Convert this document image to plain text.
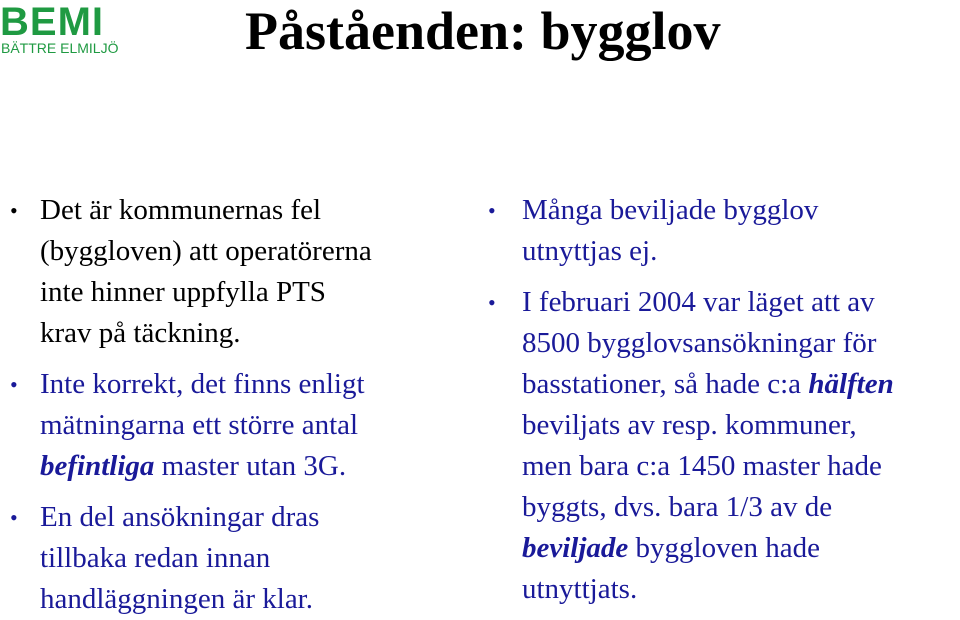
BEMI
BÄTTRE ELMILJÖ Påståenden: bygglov
• Det är kommunernas fel
(byggloven) att operatörerna
inte hinner uppfylla PTS
krav på täckning.
• Inte korrekt, det finns enligt
mätningarna ett större antal
befintliga master utan 3G.
• En del ansökningar dras
tillbaka redan innan
handläggningen är klar.
• Många beviljade bygglov
utnyttjas ej.
• I februari 2004 var läget att av
8500 bygglovsansökningar för
basstationer, så hade c:a hälften
beviljats av resp. kommuner,
men bara c:a 1450 master hade
byggts, dvs. bara 1/3 av de
beviljade byggloven hade
utnyttjats.
